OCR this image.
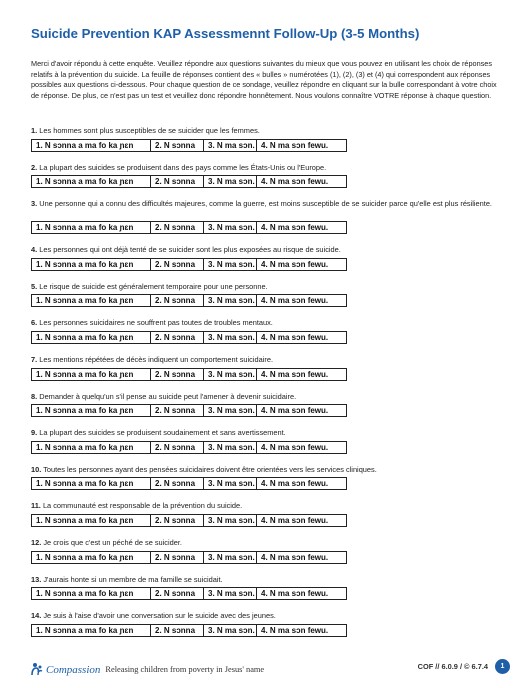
Suicide Prevention KAP Assessmennt Follow-Up (3-5 Months)
Merci d'avoir répondu à cette enquête. Veuillez répondre aux questions suivantes du mieux que vous pouvez en utilisant les choix de réponses relatifs à la prévention du suicide. La feuille de réponses contient des « bulles » numérotées (1), (2), (3) et (4) qui correspondent aux réponses possibles aux questions ci-dessous. Pour chaque question de ce sondage, veuillez répondre en cliquant sur la bulle correspondant à votre choix de réponse. De plus, ce n'est pas un test et veuillez donc répondre honnêtement. Nous voulons connaître VOTRE réponse à chaque question.
1. Les hommes sont plus susceptibles de se suicider que les femmes.
1. N sɔnna a ma fo ka ɲɛn	2. N sɔnna	3. N ma sɔn. 4. N ma sɔn fewu.
2. La plupart des suicides se produisent dans des pays comme les États-Unis ou l'Europe.
1. N sɔnna a ma fo ka ɲɛn	2. N sɔnna	3. N ma sɔn. 4. N ma sɔn fewu.
3. Une personne qui a connu des difficultés majeures, comme la guerre, est moins susceptible de se suicider parce qu'elle est plus résiliente.
1. N sɔnna a ma fo ka ɲɛn	2. N sɔnna	3. N ma sɔn. 4. N ma sɔn fewu.
4. Les personnes qui ont déjà tenté de se suicider sont les plus exposées au risque de suicide.
1. N sɔnna a ma fo ka ɲɛn	2. N sɔnna	3. N ma sɔn. 4. N ma sɔn fewu.
5. Le risque de suicide est généralement temporaire pour une personne.
1. N sɔnna a ma fo ka ɲɛn	2. N sɔnna	3. N ma sɔn. 4. N ma sɔn fewu.
6. Les personnes suicidaires ne souffrent pas toutes de troubles mentaux.
1. N sɔnna a ma fo ka ɲɛn	2. N sɔnna	3. N ma sɔn. 4. N ma sɔn fewu.
7. Les mentions répétées de décès indiquent un comportement suicidaire.
1. N sɔnna a ma fo ka ɲɛn	2. N sɔnna	3. N ma sɔn. 4. N ma sɔn fewu.
8. Demander à quelqu'un s'il pense au suicide peut l'amener à devenir suicidaire.
1. N sɔnna a ma fo ka ɲɛn	2. N sɔnna	3. N ma sɔn. 4. N ma sɔn fewu.
9. La plupart des suicides se produisent soudainement et sans avertissement.
1. N sɔnna a ma fo ka ɲɛn	2. N sɔnna	3. N ma sɔn. 4. N ma sɔn fewu.
10. Toutes les personnes ayant des pensées suicidaires doivent être orientées vers les services cliniques.
1. N sɔnna a ma fo ka ɲɛn	2. N sɔnna	3. N ma sɔn. 4. N ma sɔn fewu.
11. La communauté est responsable de la prévention du suicide.
1. N sɔnna a ma fo ka ɲɛn	2. N sɔnna	3. N ma sɔn. 4. N ma sɔn fewu.
12. Je crois que c'est un péché de se suicider.
1. N sɔnna a ma fo ka ɲɛn	2. N sɔnna	3. N ma sɔn. 4. N ma sɔn fewu.
13. J'aurais honte si un membre de ma famille se suicidait.
1. N sɔnna a ma fo ka ɲɛn	2. N sɔnna	3. N ma sɔn. 4. N ma sɔn fewu.
14. Je suis à l'aise d'avoir une conversation sur le suicide avec des jeunes.
1. N sɔnna a ma fo ka ɲɛn	2. N sɔnna	3. N ma sɔn. 4. N ma sɔn fewu.
Compassion Releasing children from poverty in Jesus' name	COF // 6.0.9 / © 6.7.4	1
